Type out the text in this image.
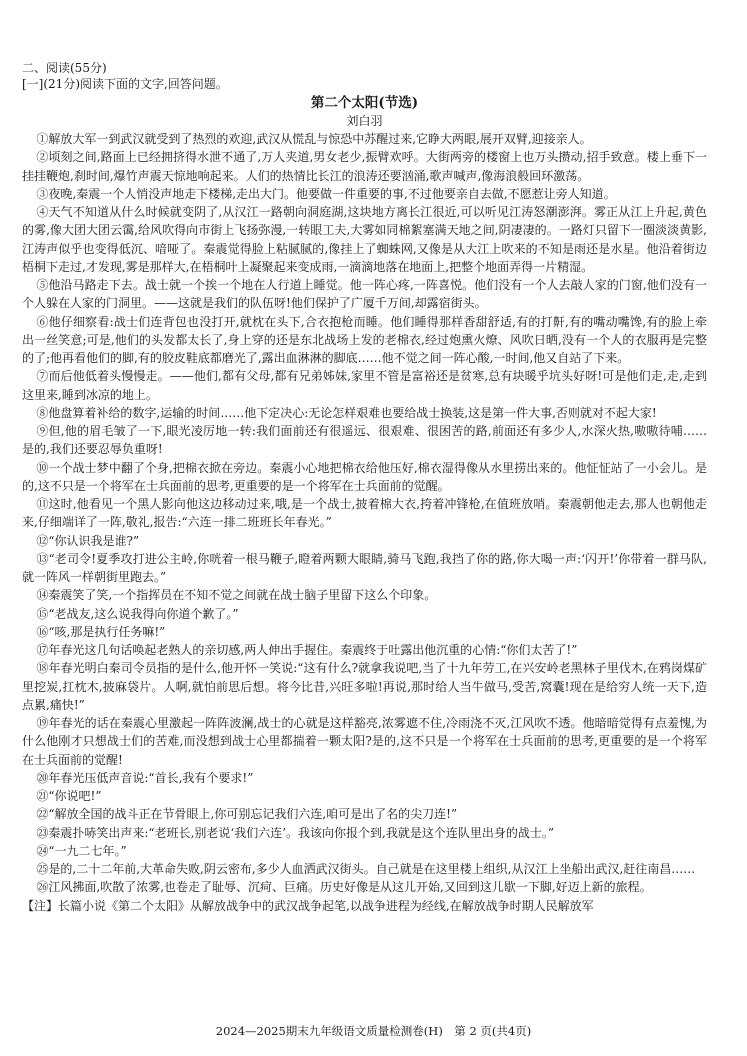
二、阅读(55分)

[一](21分)阅读下面的文字,回答问题。

第二个太阳(节选)

刘白羽

①解放大军一到武汉就受到了热烈的欢迎,武汉从慌乱与惊恐中苏醒过来,它睁大两眼,展开双臂,迎接亲人。

②顷刻之间,路面上已经拥挤得水泄不通了,万人夹道,男女老少,振臂欢呼。大街两旁的楼窗上也万头攒动,招手致意。楼上垂下一挂挂鞭炮,刹时间,爆竹声震天惊地响起来。人们的热情比长江的浪涛还要汹涌,歌声喊声,像海浪般回环激荡。

③夜晚,秦震一个人悄没声地走下楼梯,走出大门。他要做一件重要的事,不过他要亲自去做,不愿惹让旁人知道。

④天气不知道从什么时候就变阴了,从汉江一路朝向洞庭湖,这块地方离长江很近,可以听见江涛怒潮澎湃。雾正从江上升起,黄色的雾,像大团大团云霭,给风吹得向市街上飞扬弥漫,一转眼工夫,大雾如同棉絮塞满天地之间,阴凄凄的。一路灯只留下一圈淡淡黄影,江涛声似乎也变得低沉、喑哑了。秦震觉得脸上粘腻腻的,像挂上了蜘蛛网,又像是从大江上吹来的不知是雨还是水星。他沿着街边梧桐下走过,才发现,雾是那样大,在梧桐叶上凝聚起来变成雨,一滴滴地落在地面上,把整个地面弄得一片精湿。

⑤他沿马路走下去。战士就一个挨一个地在人行道上睡觉。他一阵心疼,一阵喜悦。他们没有一个人去敲人家的门窗,他们没有一个人躲在人家的门洞里。——这就是我们的队伍呀!他们保护了广厦千万间,却露宿街头。

⑥他仔细察看:战士们连背包也没打开,就枕在头下,合衣抱枪而睡。他们睡得那样香甜舒适,有的打鼾,有的嘴动嘴馋,有的脸上牵出一丝笑意;可是,他们的头发都太长了,身上穿的还是东北战场上发的老棉衣,经过炮熏火燎、风吹日晒,没有一个人的衣服再是完整的了;他再看他们的脚,有的胶皮鞋底都磨光了,露出血淋淋的脚底……他不觉之间一阵心酸,一时间,他又自站了下来。

⑦而后他低着头慢慢走。——他们,都有父母,都有兄弟姊妹,家里不管是富裕还是贫寒,总有块暖乎坑头好呀!可是他们走,走,走到这里来,睡到冰凉的地上。

⑧他盘算着补给的数字,运输的时间……他下定决心:无论怎样艰难也要给战士换装,这是第一件大事,否则就对不起大家!

⑨但,他的眉毛皱了一下,眼光凌厉地一转:我们面前还有很遥远、很艰难、很困苦的路,前面还有多少人,水深火热,嗷嗷待哺……是的,我们还要忍辱负重呀!

⑩一个战士梦中翻了个身,把棉衣掀在旁边。秦震小心地把棉衣给他压好,棉衣湿得像从水里捞出来的。他怔怔站了一小会儿。是的,这不只是一个将军在士兵面前的思考,更重要的是一个将军在士兵面前的觉醒。

⑪这时,他看见一个黑人影向他这边移动过来,哦,是一个战士,披着棉大衣,挎着冲锋枪,在值班放哨。秦震朝他走去,那人也朝他走来,仔细端详了一阵,敬礼,报告:“六连一排二班班长年春光。”

⑫“你认识我是谁?”

⑬“老司令!夏季攻打进公主岭,你咣着一根马鞭子,瞪着两颗大眼睛,骑马飞跑,我挡了你的路,你大喝一声:‘闪开!’你带着一群马队,就一阵风一样朝街里跑去。”

⑭秦震笑了笑,一个指挥员在不知不觉之间就在战士脑子里留下这么个印象。

⑮“老战友,这么说我得向你道个歉了。”

⑯“咳,那是执行任务嘛!”

⑰年春光这几句话唤起老熟人的亲切感,两人伸出手握住。秦震终于吐露出他沉重的心情:“你们太苦了!”

⑱年春光明白秦司令员指的是什么,他开怀一笑说:“这有什么?就拿我说吧,当了十九年劳工,在兴安岭老黑林子里伐木,在鸦岗煤矿里挖炭,扛枕木,披麻袋片。人啊,就怕前思后想。将今比昔,兴旺多啦!再说,那时给人当牛做马,受苦,窝囊!现在是给穷人统一天下,造点累,痛快!”

⑲年春光的话在秦震心里激起一阵阵波澜,战士的心就是这样豁亮,浓雾遮不住,冷雨浇不灭,江风吹不透。他暗暗觉得有点羞愧,为什么他刚才只想战士们的苦难,而没想到战士心里都揣着一颗太阳?是的,这不只是一个将军在士兵面前的思考,更重要的是一个将军在士兵面前的觉醒!

⑳年春光压低声音说:“首长,我有个要求!”

㉑“你说吧!”

㉒“解放全国的战斗正在节骨眼上,你可别忘记我们六连,咱可是出了名的尖刀连!”

㉓秦震扑哧笑出声来:“老班长,别老说‘我们六连’。我该向你报个到,我就是这个连队里出身的战士。”

㉔“一九二七年。”

㉕是的,二十二年前,大革命失败,阴云密布,多少人血洒武汉街头。自己就是在这里楼上组织,从汉江上坐船出武汉,赶往南昌……

㉖江风拂面,吹散了浓雾,也卷走了耻辱、沉疴、巨痛。历史好像是从这儿开始,又回到这儿歇一下脚,好迈上新的旅程。

【注】长篇小说《第二个太阳》从解放战争中的武汉战争起笔,以战争进程为经线,在解放战争时期人民解放军

2024—2025期末九年级语文质量检测卷(H)　第 2 页(共4页)
